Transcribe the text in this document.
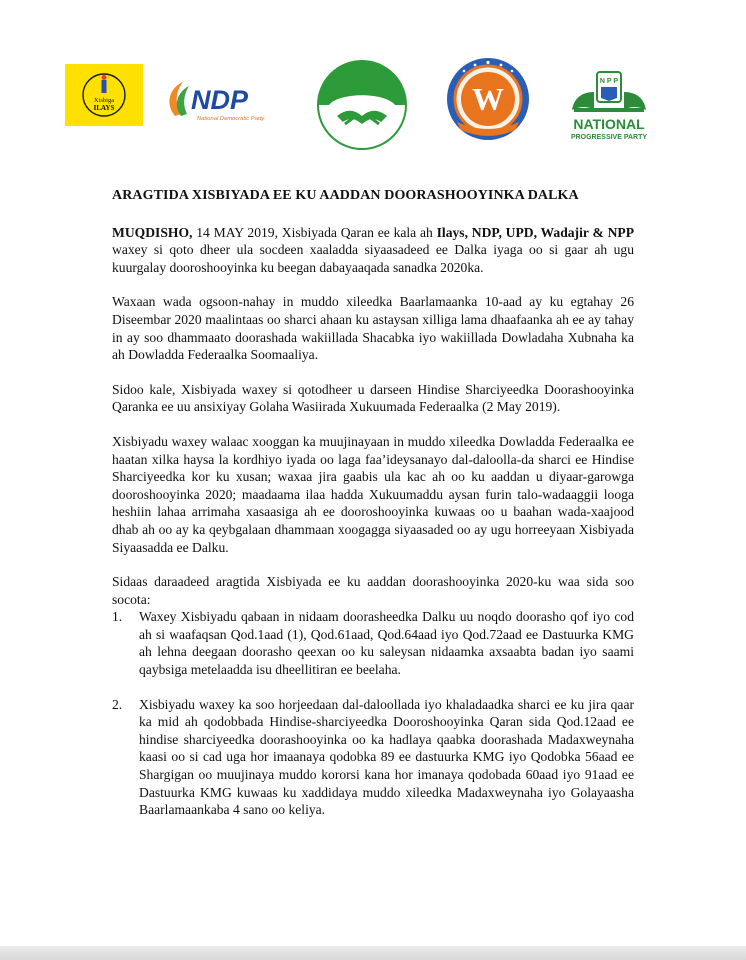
Xisbiga
ILAYS	NDP
National Democratic Party
W	N P P
NATIONAL
PROGRESSIVE PARTY
ARAGTIDA XISBIYADA EE KU AADDAN DOORASHOOYINKA DALKA

MUQDISHO, 14 MAY 2019, Xisbiyada Qaran ee kala ah Ilays, NDP, UPD, Wadajir & NPP waxey si qoto dheer ula socdeen xaaladda siyaasadeed ee Dalka iyaga oo si gaar ah ugu kuurgalay dooroshooyinka ku beegan dabayaaqada sanadka 2020ka.

Waxaan wada ogsoon-nahay in muddo xileedka Baarlamaanka 10-aad ay ku egtahay 26 Diseembar 2020 maalintaas oo sharci ahaan ku astaysan xilliga lama dhaafaanka ah ee ay tahay in ay soo dhammaato doorashada wakiillada Shacabka iyo wakiillada Dowladaha Xubnaha ka ah Dowladda Federaalka Soomaaliya.

Sidoo kale, Xisbiyada waxey si qotodheer u darseen Hindise Sharciyeedka Doorashooyinka Qaranka ee uu ansixiyay Golaha Wasiirada Xukuumada Federaalka (2 May 2019).

Xisbiyadu waxey walaac xooggan ka muujinayaan in muddo xileedka Dowladda Federaalka ee haatan xilka haysa la kordhiyo iyada oo laga faa’ideysanayo dal-daloolla-da sharci ee Hindise Sharciyeedka kor ku xusan; waxaa jira gaabis ula kac ah oo ku aaddan u diyaar-garowga dooroshooyinka 2020; maadaama ilaa hadda Xukuumaddu aysan furin talo-wadaaggii looga heshiin lahaa arrimaha xasaasiga ah ee dooroshooyinka kuwaas oo u baahan wada-xaajood dhab ah oo ay ka qeybgalaan dhammaan xoogagga siyaasaded oo ay ugu horreeyaan Xisbiyada Siyaasadda ee Dalku.

Sidaas daraadeed aragtida Xisbiyada ee ku aaddan doorashooyinka 2020-ku waa sida soo socota:

1. Waxey Xisbiyadu qabaan in nidaam doorasheedka Dalku uu noqdo doorasho qof iyo cod ah si waafaqsan Qod.1aad (1), Qod.61aad, Qod.64aad iyo Qod.72aad ee Dastuurka KMG ah lehna deegaan doorasho qeexan oo ku saleysan nidaamka axsaabta badan iyo saami qaybsiga metelaadda isu dheellitiran ee beelaha.
2. Xisbiyadu waxey ka soo horjeedaan dal-daloollada iyo khaladaadka sharci ee ku jira qaar ka mid ah qodobbada Hindise-sharciyeedka Dooroshooyinka Qaran sida Qod.12aad ee hindise sharciyeedka doorashooyinka oo ka hadlaya qaabka doorashada Madaxweynaha kaasi oo si cad uga hor imaanaya qodobka 89 ee dastuurka KMG iyo Qodobka 56aad ee Shargigan oo muujinaya muddo kororsi kana hor imanaya qodobada 60aad iyo 91aad ee Dastuurka KMG kuwaas ku xaddidaya muddo xileedka Madaxweynaha iyo Golayaasha Baarlamaankaba 4 sano oo keliya.
